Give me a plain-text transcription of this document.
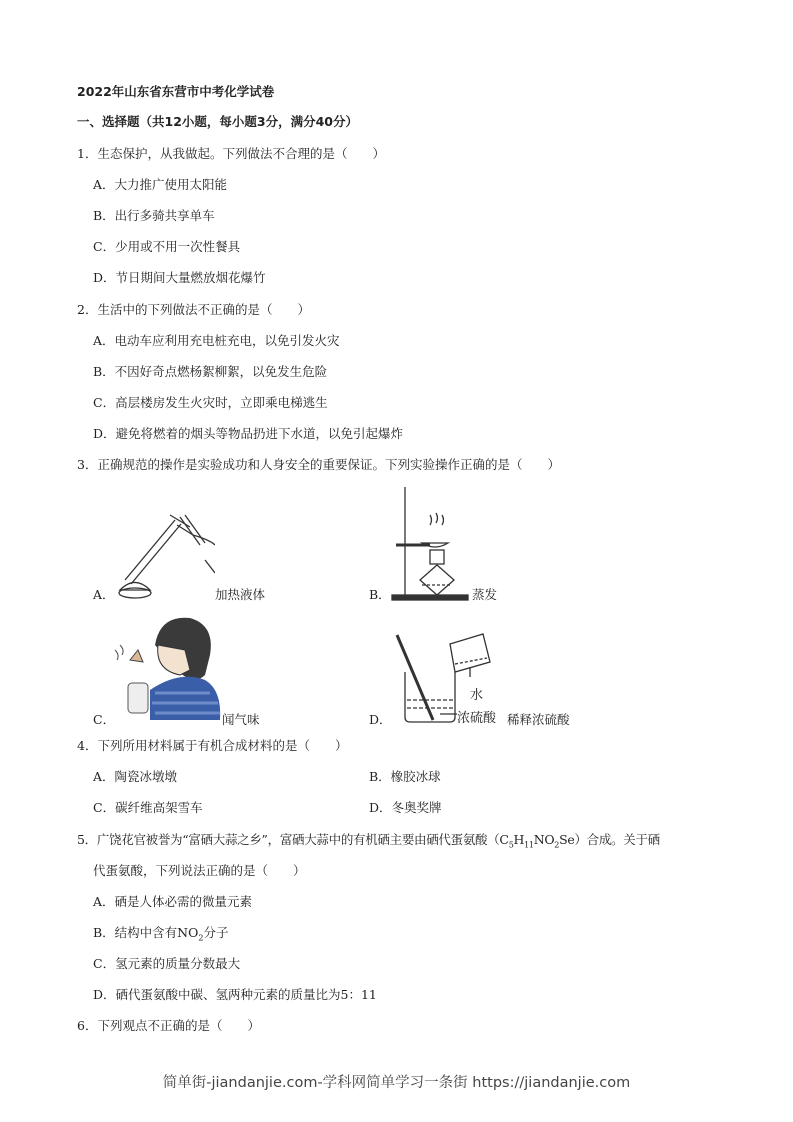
2022年山东省东营市中考化学试卷
一、选择题（共12小题，每小题3分，满分40分）
1．生态保护，从我做起。下列做法不合理的是（　　）
A．大力推广使用太阳能
B．出行多骑共享单车
C．少用或不用一次性餐具
D．节日期间大量燃放烟花爆竹
2．生活中的下列做法不正确的是（　　）
A．电动车应利用充电桩充电，以免引发火灾
B．不因好奇点燃杨絮柳絮，以免发生危险
C．高层楼房发生火灾时，立即乘电梯逃生
D．避免将燃着的烟头等物品扔进下水道，以免引起爆炸
3．正确规范的操作是实验成功和人身安全的重要保证。下列实验操作正确的是（　　）
A．	加热液体	B．	蒸发
C．	闻气味
水
浓硫酸
D．	稀释浓硫酸
4．下列所用材料属于有机合成材料的是（　　）
A．陶瓷冰墩墩	B．橡胶冰球
C．碳纤维高架雪车	D．冬奥奖牌
5．广饶花官被誉为“富硒大蒜之乡”，富硒大蒜中的有机硒主要由硒代蛋氨酸$(C_5H_{11}NO_2Se)$合成。关于硒
代蛋氨酸，下列说法正确的是（　　）
A．硒是人体必需的微量元素
B．结构中含有$NO_2$分子
C．氢元素的质量分数最大
D．硒代蛋氨酸中碳、氢两种元素的质量比为5：11
6．下列观点不正确的是（　　）
简单街-jiandanjie.com-学科网简单学习一条街 https://jiandanjie.com
